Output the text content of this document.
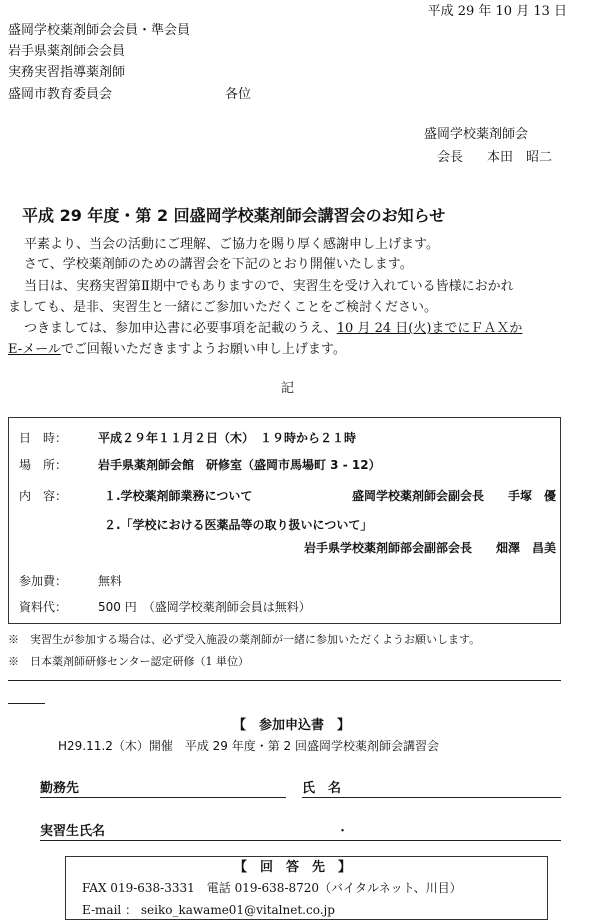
平成 29 年 10 月 13 日
盛岡学校薬剤師会会員・準会員
岩手県薬剤師会会員
実務実習指導薬剤師
盛岡市教育委員会	各位
盛岡学校薬剤師会
会長 本田　昭二
平成 29 年度・第 2 回盛岡学校薬剤師会講習会のお知らせ
平素より、当会の活動にご理解、ご協力を賜り厚く感謝申し上げます。
さて、学校薬剤師のための講習会を下記のとおり開催いたします。
当日は、実務実習第Ⅱ期中でもありますので、実習生を受け入れている皆様におかれ
ましても、是非、実習生と一緒にご参加いただくことをご検討ください。
つきましては、参加申込書に必要事項を記載のうえ、10 月 24 日(火)までにＦＡＸか
E-メールでご回報いただきますようお願い申し上げます。
記
日　時：	平成２９年１１月２日（木）　１９時から２１時
場　所：	岩手県薬剤師会館　研修室（盛岡市馬場町 3 - 12）
内　容：	１.学校薬剤師業務について	盛岡学校薬剤師会副会長　　手塚　優
２.「学校における医薬品等の取り扱いについて」
岩手県学校薬剤師部会副部会長　　畑澤　昌美
参加費：	無料
資料代：	500 円　（盛岡学校薬剤師会員は無料）
※　実習生が参加する場合は、必ず受入施設の薬剤師が一緒に参加いただくようお願いします。
※　日本薬剤師研修センター認定研修（1 単位）
【　参加申込書　】
H29.11.2（木）開催　平成 29 年度・第 2 回盛岡学校薬剤師会講習会
勤務先	氏　名
実習生氏名	・
【　回　答　先　】
FAX 019-638-3331　電話 019-638-8720（バイタルネット、川目）
E-mail ： seiko_kawame01@vitalnet.co.jp
